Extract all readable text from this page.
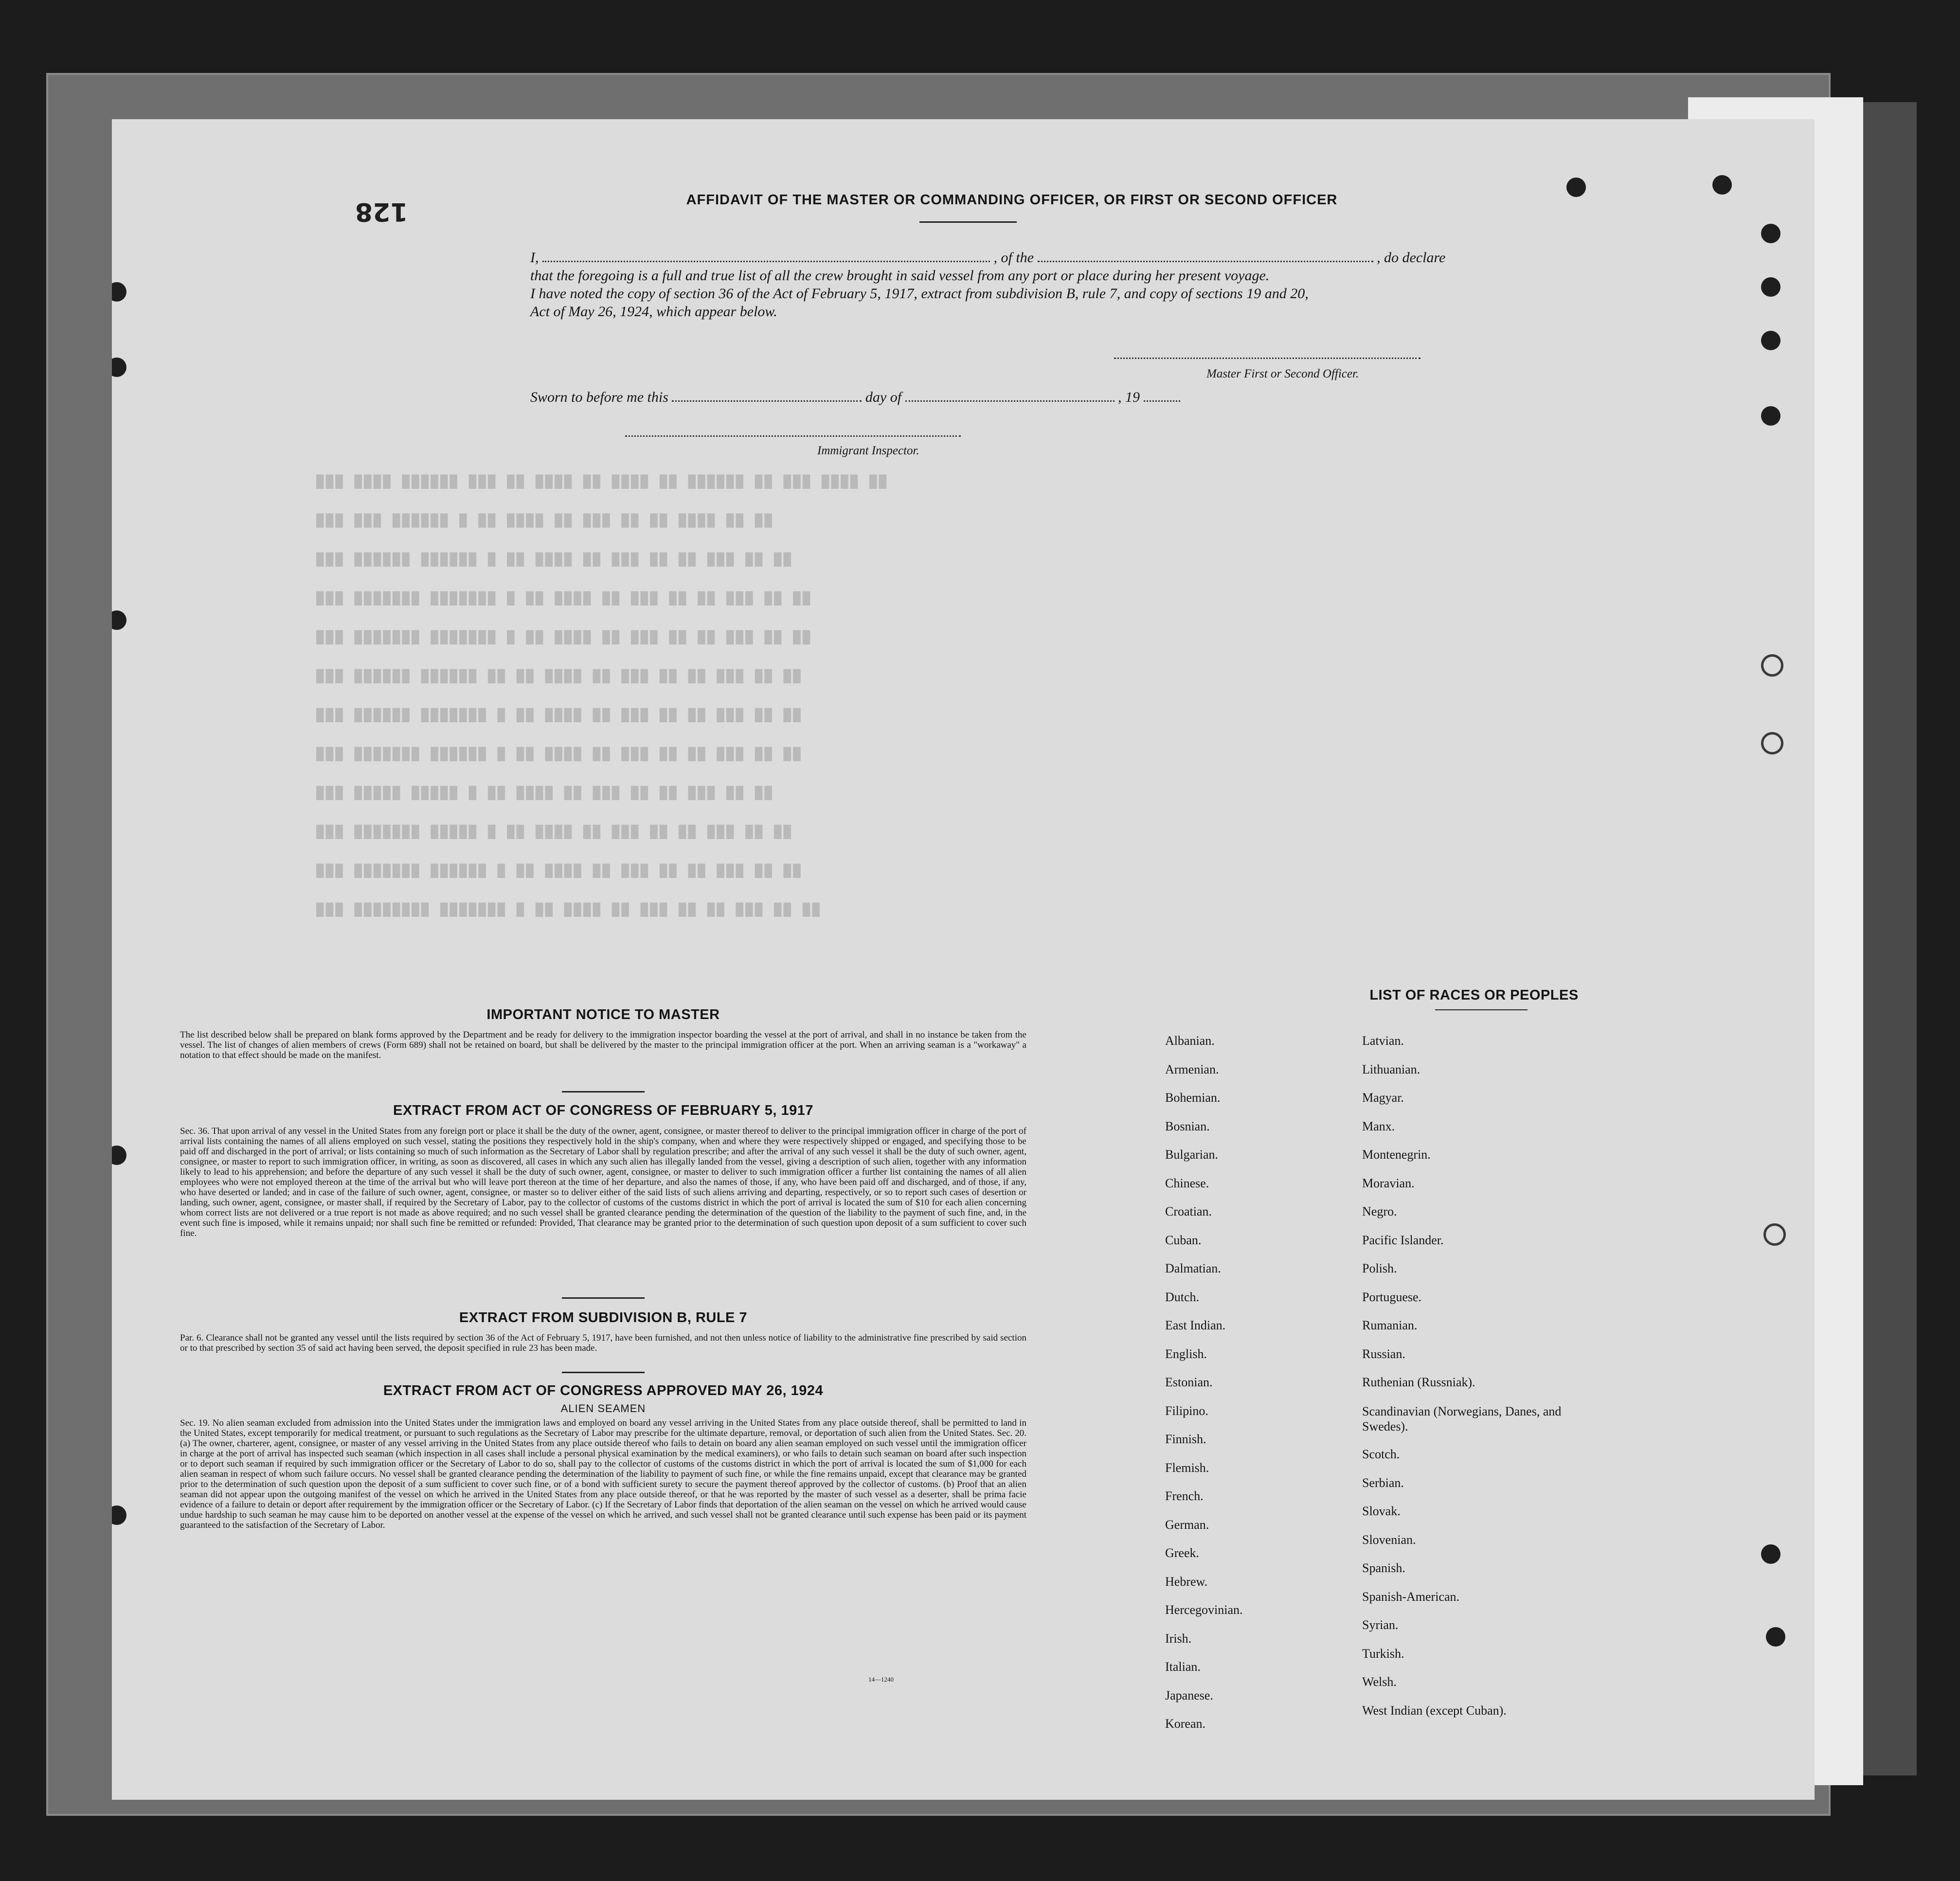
███ ████ ██████ ███ ██ ████ ██ ████ ██ ██████ ██ ███ ████ ██
███ ███ ██████ █ ██ ████ ██ ███ ██ ██ ████ ██ ██
███ ██████ ██████ █ ██ ████ ██ ███ ██ ██ ███ ██ ██
███ ███████ ███████ █ ██ ████ ██ ███ ██ ██ ███ ██ ██
███ ███████ ███████ █ ██ ████ ██ ███ ██ ██ ███ ██ ██
███ ██████ ██████ ██ ██ ████ ██ ███ ██ ██ ███ ██ ██
███ ██████ ███████ █ ██ ████ ██ ███ ██ ██ ███ ██ ██
███ ███████ ██████ █ ██ ████ ██ ███ ██ ██ ███ ██ ██
███ █████ █████ █ ██ ████ ██ ███ ██ ██ ███ ██ ██
███ ███████ █████ █ ██ ████ ██ ███ ██ ██ ███ ██ ██
███ ███████ ██████ █ ██ ████ ██ ███ ██ ██ ███ ██ ██
███ ████████ ███████ █ ██ ████ ██ ███ ██ ██ ███ ██ ██
128	AFFIDAVIT OF THE MASTER OR COMMANDING OFFICER, OR FIRST OR SECOND OFFICER
I,	, of the	, do declare
that the foregoing is a full and true list of all the crew brought in said vessel from any port or place during her present voyage.
I have noted the copy of section 36 of the Act of February 5, 1917, extract from subdivision B, rule 7, and copy of sections 19 and 20,
Act of May 26, 1924, which appear below.
Master First or Second Officer.
Sworn to before me this	day of	, 19
Immigrant Inspector.
IMPORTANT NOTICE TO MASTER
The list described below shall be prepared on blank forms approved by the Department and be ready for delivery to the immigration inspector boarding the vessel at the port of arrival, and shall in no instance be taken from the vessel. The list of changes of alien members of crews (Form 689) shall not be retained on board, but shall be delivered by the master to the principal immigration officer at the port. When an arriving seaman is a "workaway" a notation to that effect should be made on the manifest.
EXTRACT FROM ACT OF CONGRESS OF FEBRUARY 5, 1917
Sec. 36. That upon arrival of any vessel in the United States from any foreign port or place it shall be the duty of the owner, agent, consignee, or master thereof to deliver to the principal immigration officer in charge of the port of arrival lists containing the names of all aliens employed on such vessel, stating the positions they respectively hold in the ship's company, when and where they were respectively shipped or engaged, and specifying those to be paid off and discharged in the port of arrival; or lists containing so much of such information as the Secretary of Labor shall by regulation prescribe; and after the arrival of any such vessel it shall be the duty of such owner, agent, consignee, or master to report to such immigration officer, in writing, as soon as discovered, all cases in which any such alien has illegally landed from the vessel, giving a description of such alien, together with any information likely to lead to his apprehension; and before the departure of any such vessel it shall be the duty of such owner, agent, consignee, or master to deliver to such immigration officer a further list containing the names of all alien employees who were not employed thereon at the time of the arrival but who will leave port thereon at the time of her departure, and also the names of those, if any, who have been paid off and discharged, and of those, if any, who have deserted or landed; and in case of the failure of such owner, agent, consignee, or master so to deliver either of the said lists of such aliens arriving and departing, respectively, or so to report such cases of desertion or landing, such owner, agent, consignee, or master shall, if required by the Secretary of Labor, pay to the collector of customs of the customs district in which the port of arrival is located the sum of $10 for each alien concerning whom correct lists are not delivered or a true report is not made as above required; and no such vessel shall be granted clearance pending the determination of the question of the liability to the payment of such fine, and, in the event such fine is imposed, while it remains unpaid; nor shall such fine be remitted or refunded: Provided, That clearance may be granted prior to the determination of such question upon deposit of a sum sufficient to cover such fine.
EXTRACT FROM SUBDIVISION B, RULE 7
Par. 6. Clearance shall not be granted any vessel until the lists required by section 36 of the Act of February 5, 1917, have been furnished, and not then unless notice of liability to the administrative fine prescribed by said section or to that prescribed by section 35 of said act having been served, the deposit specified in rule 23 has been made.
EXTRACT FROM ACT OF CONGRESS APPROVED MAY 26, 1924
ALIEN SEAMEN
Sec. 19. No alien seaman excluded from admission into the United States under the immigration laws and employed on board any vessel arriving in the United States from any place outside thereof, shall be permitted to land in the United States, except temporarily for medical treatment, or pursuant to such regulations as the Secretary of Labor may prescribe for the ultimate departure, removal, or deportation of such alien from the United States. Sec. 20. (a) The owner, charterer, agent, consignee, or master of any vessel arriving in the United States from any place outside thereof who fails to detain on board any alien seaman employed on such vessel until the immigration officer in charge at the port of arrival has inspected such seaman (which inspection in all cases shall include a personal physical examination by the medical examiners), or who fails to detain such seaman on board after such inspection or to deport such seaman if required by such immigration officer or the Secretary of Labor to do so, shall pay to the collector of customs of the customs district in which the port of arrival is located the sum of $1,000 for each alien seaman in respect of whom such failure occurs. No vessel shall be granted clearance pending the determination of the liability to payment of such fine, or while the fine remains unpaid, except that clearance may be granted prior to the determination of such question upon the deposit of a sum sufficient to cover such fine, or of a bond with sufficient surety to secure the payment thereof approved by the collector of customs. (b) Proof that an alien seaman did not appear upon the outgoing manifest of the vessel on which he arrived in the United States from any place outside thereof, or that he was reported by the master of such vessel as a deserter, shall be prima facie evidence of a failure to detain or deport after requirement by the immigration officer or the Secretary of Labor. (c) If the Secretary of Labor finds that deportation of the alien seaman on the vessel on which he arrived would cause undue hardship to such seaman he may cause him to be deported on another vessel at the expense of the vessel on which he arrived, and such vessel shall not be granted clearance until such expense has been paid or its payment guaranteed to the satisfaction of the Secretary of Labor.
14—1240
LIST OF RACES OR PEOPLES
Albanian.
Armenian.
Bohemian.
Bosnian.
Bulgarian.
Chinese.
Croatian.
Cuban.
Dalmatian.
Dutch.
East Indian.
English.
Estonian.
Filipino.
Finnish.
Flemish.
French.
German.
Greek.
Hebrew.
Hercegovinian.
Irish.
Italian.
Japanese.
Korean.
Latvian.
Lithuanian.
Magyar.
Manx.
Montenegrin.
Moravian.
Negro.
Pacific Islander.
Polish.
Portuguese.
Rumanian.
Russian.
Ruthenian (Russniak).
Scandinavian (Norwegians, Danes, and Swedes).
Scotch.
Serbian.
Slovak.
Slovenian.
Spanish.
Spanish-American.
Syrian.
Turkish.
Welsh.
West Indian (except Cuban).
